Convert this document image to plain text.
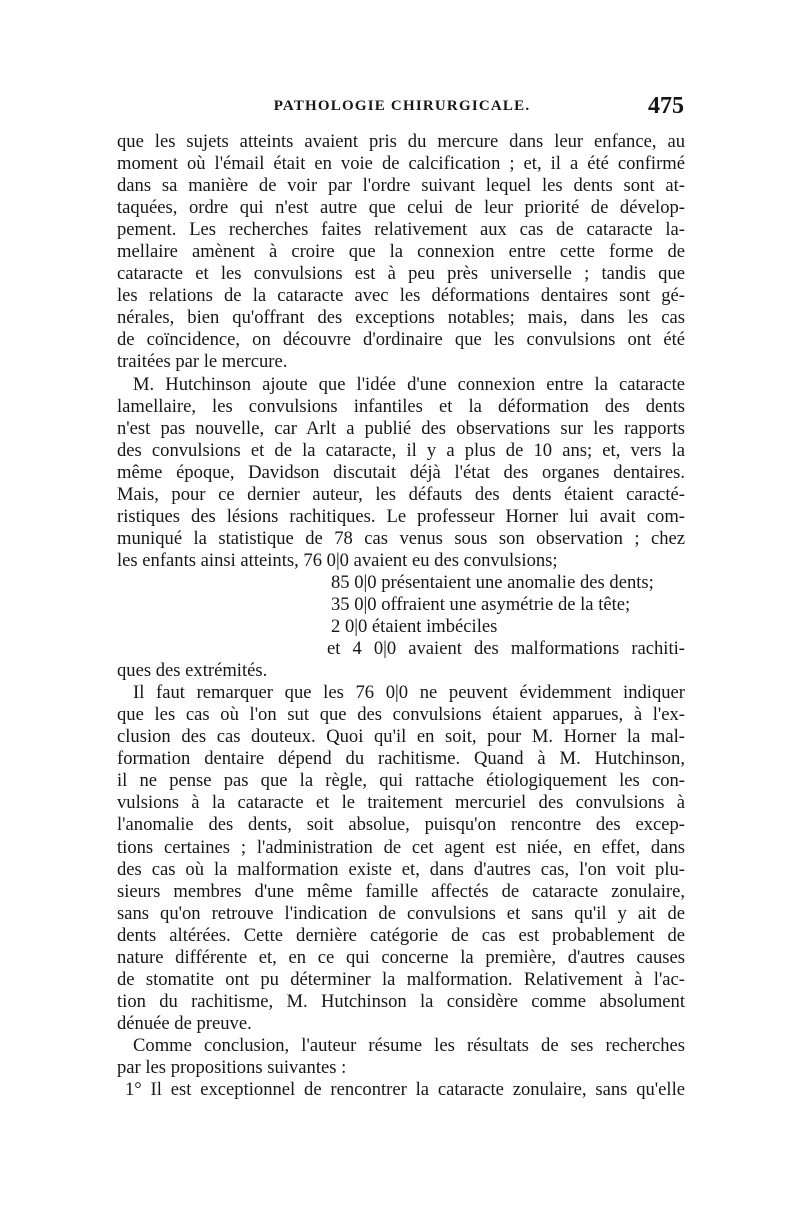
PATHOLOGIE CHIRURGICALE.	475
que les sujets atteints avaient pris du mercure dans leur enfance, au
moment où l'émail était en voie de calcification ; et, il a été confirmé
dans sa manière de voir par l'ordre suivant lequel les dents sont at-
taquées, ordre qui n'est autre que celui de leur priorité de dévelop-
pement. Les recherches faites relativement aux cas de cataracte la-
mellaire amènent à croire que la connexion entre cette forme de
cataracte et les convulsions est à peu près universelle ; tandis que
les relations de la cataracte avec les déformations dentaires sont gé-
nérales, bien qu'offrant des exceptions notables; mais, dans les cas
de coïncidence, on découvre d'ordinaire que les convulsions ont été
traitées par le mercure.
M. Hutchinson ajoute que l'idée d'une connexion entre la cataracte
lamellaire, les convulsions infantiles et la déformation des dents
n'est pas nouvelle, car Arlt a publié des observations sur les rapports
des convulsions et de la cataracte, il y a plus de 10 ans; et, vers la
même époque, Davidson discutait déjà l'état des organes dentaires.
Mais, pour ce dernier auteur, les défauts des dents étaient caracté-
ristiques des lésions rachitiques. Le professeur Horner lui avait com-
muniqué la statistique de 78 cas venus sous son observation ; chez
les enfants ainsi atteints, 76 0|0 avaient eu des convulsions;
85 0|0 présentaient une anomalie des dents;
35 0|0 offraient une asymétrie de la tête;
2 0|0 étaient imbéciles
et 4 0|0 avaient des malformations rachiti-
ques des extrémités.
Il faut remarquer que les 76 0|0 ne peuvent évidemment indiquer
que les cas où l'on sut que des convulsions étaient apparues, à l'ex-
clusion des cas douteux. Quoi qu'il en soit, pour M. Horner la mal-
formation dentaire dépend du rachitisme. Quand à M. Hutchinson,
il ne pense pas que la règle, qui rattache étiologiquement les con-
vulsions à la cataracte et le traitement mercuriel des convulsions à
l'anomalie des dents, soit absolue, puisqu'on rencontre des excep-
tions certaines ; l'administration de cet agent est niée, en effet, dans
des cas où la malformation existe et, dans d'autres cas, l'on voit plu-
sieurs membres d'une même famille affectés de cataracte zonulaire,
sans qu'on retrouve l'indication de convulsions et sans qu'il y ait de
dents altérées. Cette dernière catégorie de cas est probablement de
nature différente et, en ce qui concerne la première, d'autres causes
de stomatite ont pu déterminer la malformation. Relativement à l'ac-
tion du rachitisme, M. Hutchinson la considère comme absolument
dénuée de preuve.
Comme conclusion, l'auteur résume les résultats de ses recherches
par les propositions suivantes :
1° Il est exceptionnel de rencontrer la cataracte zonulaire, sans qu'elle
